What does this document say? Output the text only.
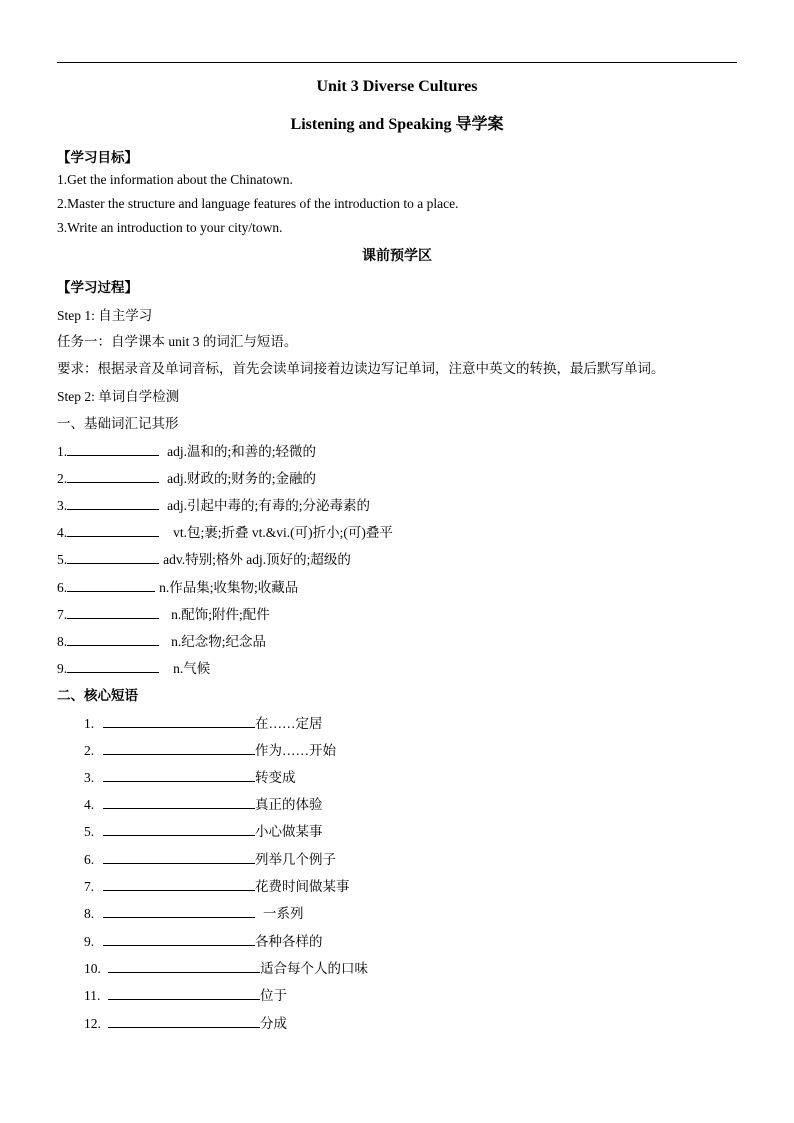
Unit 3 Diverse Cultures
Listening and Speaking 导学案
【学习目标】
1.Get the information about the Chinatown.
2.Master the structure and language features of the introduction to a place.
3.Write an introduction to your city/town.
课前预学区
【学习过程】
Step 1: 自主学习
任务一：自学课本 unit 3 的词汇与短语。
要求：根据录音及单词音标，首先会读单词接着边读边写记单词，注意中英文的转换，最后默写单词。
Step 2: 单词自学检测
一、基础词汇记其形
1.	adj.温和的;和善的;轻微的
2.	adj.财政的;财务的;金融的
3.	adj.引起中毒的;有毒的;分泌毒素的
4.	vt.包;裹;折叠 vt.&vi.(可)折小;(可)叠平
5.	adv.特别;格外 adj.顶好的;超级的
6.	n.作品集;收集物;收藏品
7.	n.配饰;附件;配件
8.	n.纪念物;纪念品
9.	n.气候
二、核心短语
1.	在……定居
2.	作为……开始
3.	转变成
4.	真正的体验
5.	小心做某事
6.	列举几个例子
7.	花费时间做某事
8.	一系列
9.	各种各样的
10.	适合每个人的口味
11.	位于
12.	分成
